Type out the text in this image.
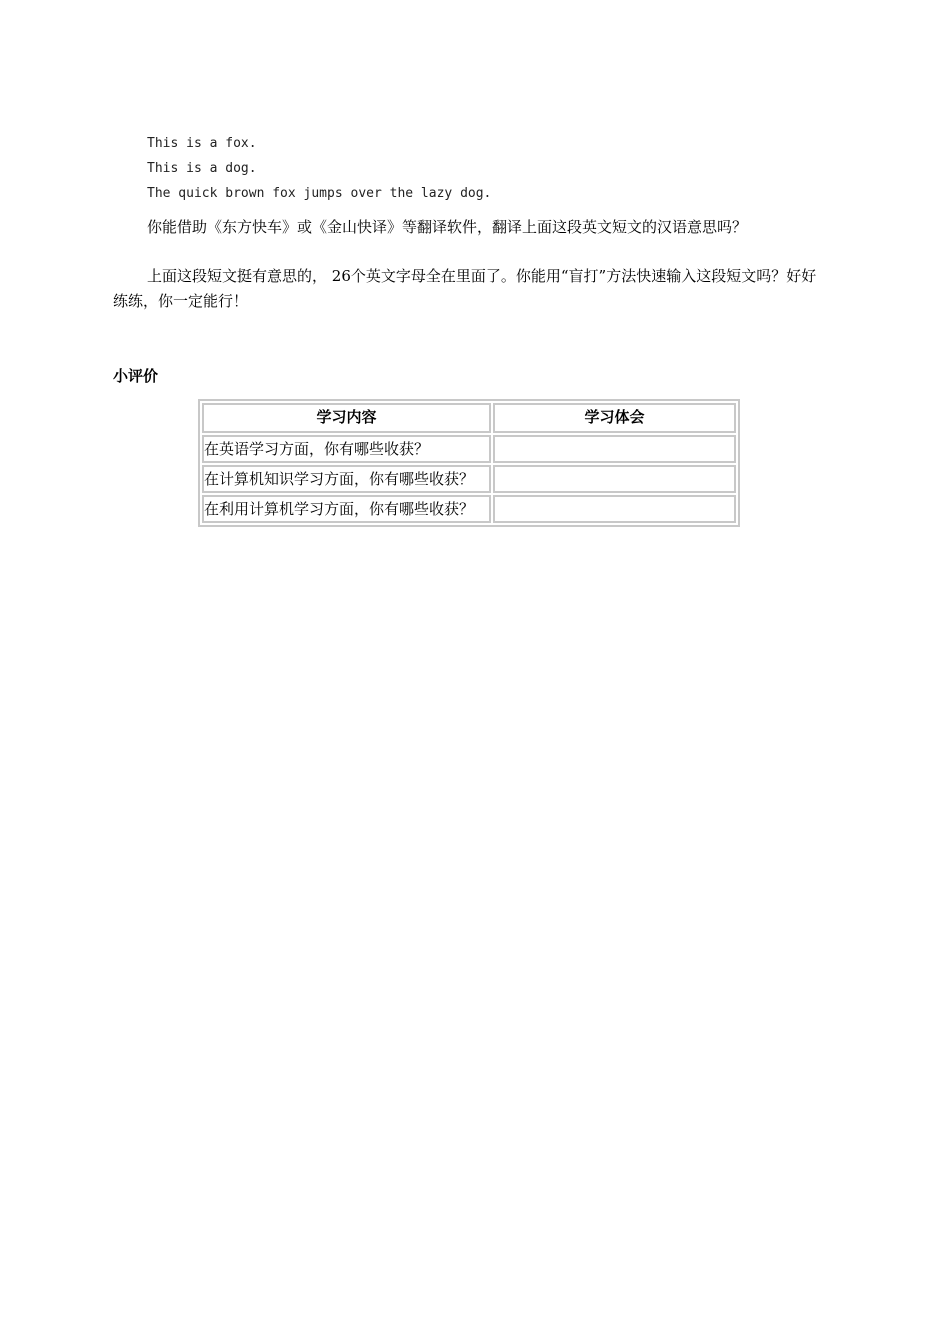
This is a fox.
This is a dog.
The quick brown fox jumps over the lazy dog.
你能借助《东方快车》或《金山快译》等翻译软件，翻译上面这段英文短文的汉语意思吗？
上面这段短文挺有意思的， 26个英文字母全在里面了。你能用“盲打”方法快速输入这段短文吗？好好练练，你一定能行！
小评价
学习内容	学习体会
在英语学习方面，你有哪些收获？	
在计算机知识学习方面，你有哪些收获？	
在利用计算机学习方面，你有哪些收获？	
